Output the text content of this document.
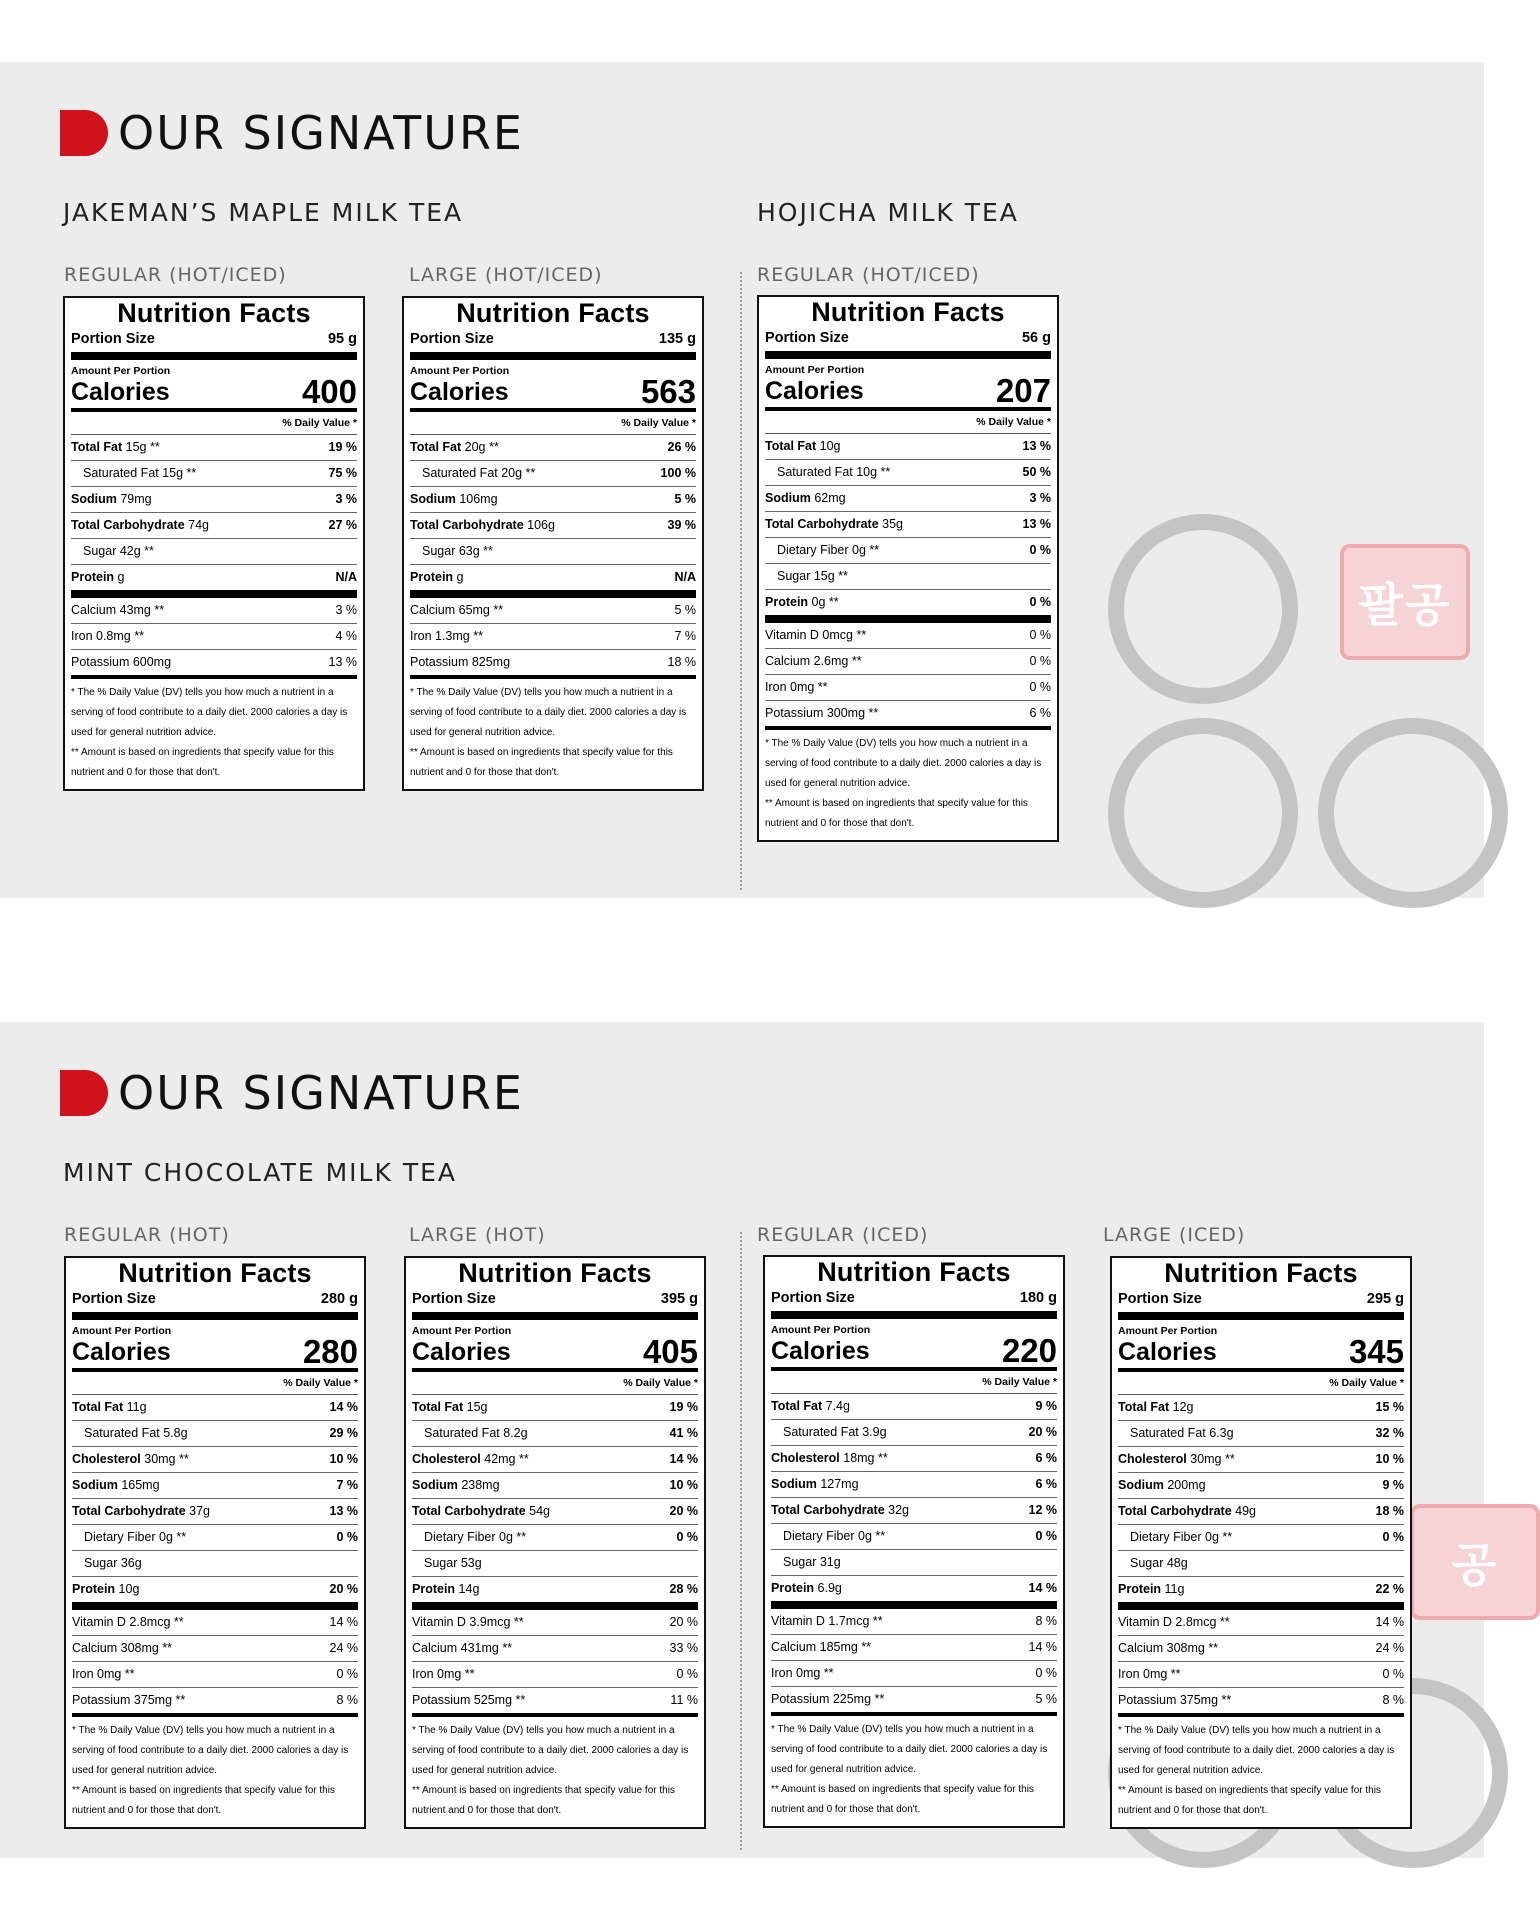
팔공
OUR SIGNATURE
JAKEMAN’S MAPLE MILK TEA	HOJICHA MILK TEA
REGULAR (HOT/ICED)	LARGE (HOT/ICED)	REGULAR (HOT/ICED)
Nutrition Facts
Portion Size	95 g
Amount Per Portion
Calories	400
% Daily Value *
Total Fat 15g **	19 %
Saturated Fat 15g **	75 %
Sodium 79mg	3 %
Total Carbohydrate 74g	27 %
Sugar 42g **
Protein g	N/A
Calcium 43mg **	3 %
Iron 0.8mg **	4 %
Potassium 600mg	13 %
* The % Daily Value (DV) tells you how much a nutrient in a serving of food contribute to a daily diet. 2000 calories a day is used for general nutrition advice.
** Amount is based on ingredients that specify value for this nutrient and 0 for those that don't.
Nutrition Facts
Portion Size	135 g
Amount Per Portion
Calories	563
% Daily Value *
Total Fat 20g **	26 %
Saturated Fat 20g **	100 %
Sodium 106mg	5 %
Total Carbohydrate 106g	39 %
Sugar 63g **
Protein g	N/A
Calcium 65mg **	5 %
Iron 1.3mg **	7 %
Potassium 825mg	18 %
* The % Daily Value (DV) tells you how much a nutrient in a serving of food contribute to a daily diet. 2000 calories a day is used for general nutrition advice.
** Amount is based on ingredients that specify value for this nutrient and 0 for those that don't.
Nutrition Facts
Portion Size	56 g
Amount Per Portion
Calories	207
% Daily Value *
Total Fat 10g	13 %
Saturated Fat 10g **	50 %
Sodium 62mg	3 %
Total Carbohydrate 35g	13 %
Dietary Fiber 0g **	0 %
Sugar 15g **
Protein 0g **	0 %
Vitamin D 0mcg **	0 %
Calcium 2.6mg **	0 %
Iron 0mg **	0 %
Potassium 300mg **	6 %
* The % Daily Value (DV) tells you how much a nutrient in a serving of food contribute to a daily diet. 2000 calories a day is used for general nutrition advice.
** Amount is based on ingredients that specify value for this nutrient and 0 for those that don't.
공
OUR SIGNATURE
MINT CHOCOLATE MILK TEA
REGULAR (HOT)	LARGE (HOT)	REGULAR (ICED)	LARGE (ICED)
Nutrition Facts
Portion Size	280 g
Amount Per Portion
Calories	280
% Daily Value *
Total Fat 11g	14 %
Saturated Fat 5.8g	29 %
Cholesterol 30mg **	10 %
Sodium 165mg	7 %
Total Carbohydrate 37g	13 %
Dietary Fiber 0g **	0 %
Sugar 36g
Protein 10g	20 %
Vitamin D 2.8mcg **	14 %
Calcium 308mg **	24 %
Iron 0mg **	0 %
Potassium 375mg **	8 %
* The % Daily Value (DV) tells you how much a nutrient in a serving of food contribute to a daily diet. 2000 calories a day is used for general nutrition advice.
** Amount is based on ingredients that specify value for this nutrient and 0 for those that don't.
Nutrition Facts
Portion Size	395 g
Amount Per Portion
Calories	405
% Daily Value *
Total Fat 15g	19 %
Saturated Fat 8.2g	41 %
Cholesterol 42mg **	14 %
Sodium 238mg	10 %
Total Carbohydrate 54g	20 %
Dietary Fiber 0g **	0 %
Sugar 53g
Protein 14g	28 %
Vitamin D 3.9mcg **	20 %
Calcium 431mg **	33 %
Iron 0mg **	0 %
Potassium 525mg **	11 %
* The % Daily Value (DV) tells you how much a nutrient in a serving of food contribute to a daily diet. 2000 calories a day is used for general nutrition advice.
** Amount is based on ingredients that specify value for this nutrient and 0 for those that don't.
Nutrition Facts
Portion Size	180 g
Amount Per Portion
Calories	220
% Daily Value *
Total Fat 7.4g	9 %
Saturated Fat 3.9g	20 %
Cholesterol 18mg **	6 %
Sodium 127mg	6 %
Total Carbohydrate 32g	12 %
Dietary Fiber 0g **	0 %
Sugar 31g
Protein 6.9g	14 %
Vitamin D 1.7mcg **	8 %
Calcium 185mg **	14 %
Iron 0mg **	0 %
Potassium 225mg **	5 %
* The % Daily Value (DV) tells you how much a nutrient in a serving of food contribute to a daily diet. 2000 calories a day is used for general nutrition advice.
** Amount is based on ingredients that specify value for this nutrient and 0 for those that don't.
Nutrition Facts
Portion Size	295 g
Amount Per Portion
Calories	345
% Daily Value *
Total Fat 12g	15 %
Saturated Fat 6.3g	32 %
Cholesterol 30mg **	10 %
Sodium 200mg	9 %
Total Carbohydrate 49g	18 %
Dietary Fiber 0g **	0 %
Sugar 48g
Protein 11g	22 %
Vitamin D 2.8mcg **	14 %
Calcium 308mg **	24 %
Iron 0mg **	0 %
Potassium 375mg **	8 %
* The % Daily Value (DV) tells you how much a nutrient in a serving of food contribute to a daily diet. 2000 calories a day is used for general nutrition advice.
** Amount is based on ingredients that specify value for this nutrient and 0 for those that don't.
